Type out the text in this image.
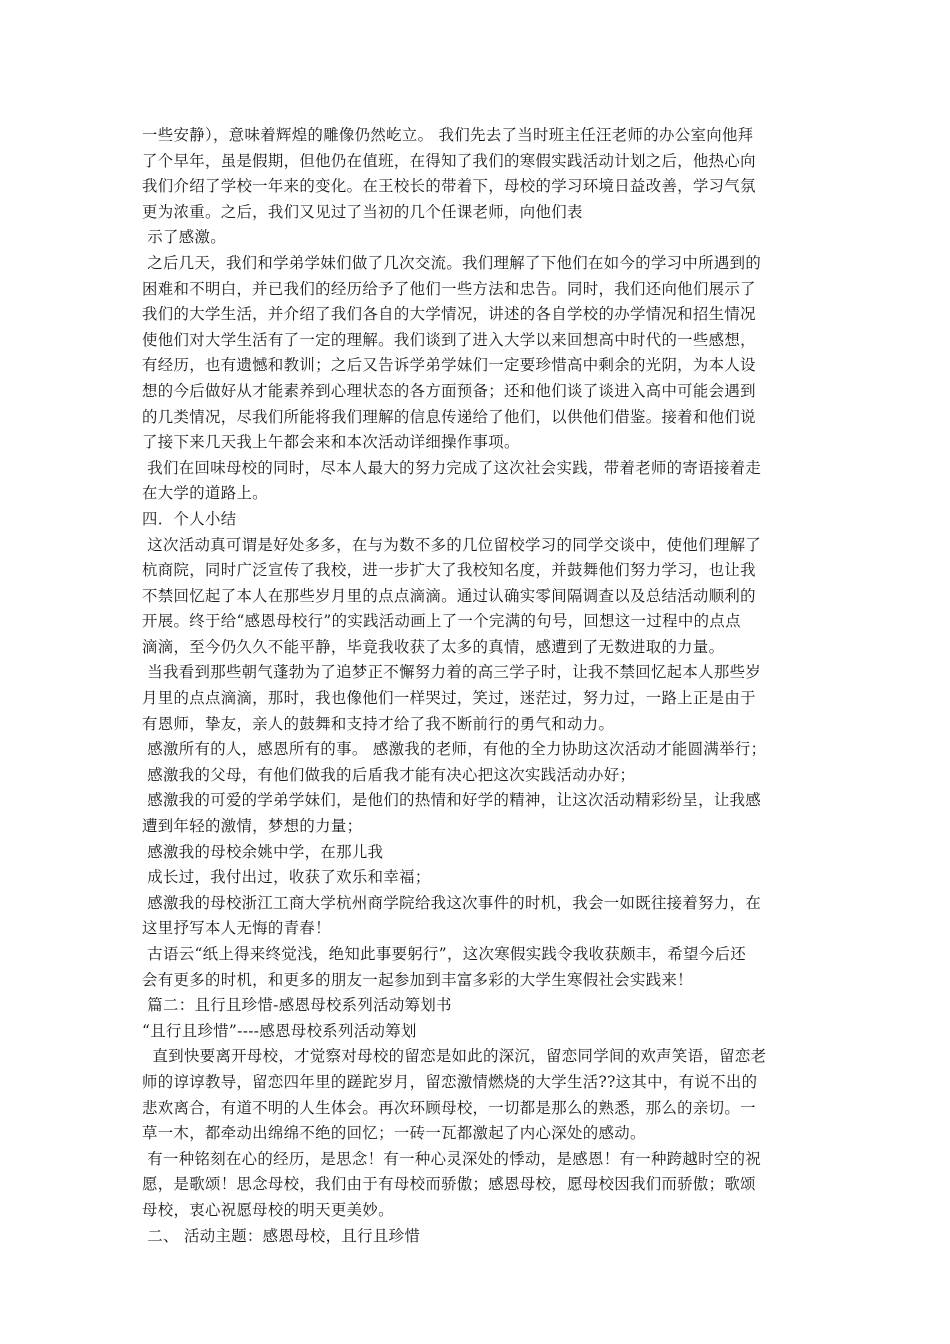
一些安静），意味着辉煌的雕像仍然屹立。 我们先去了当时班主任汪老师的办公室向他拜
了个早年，虽是假期，但他仍在值班，在得知了我们的寒假实践活动计划之后，他热心向
我们介绍了学校一年来的变化。在王校长的带着下，母校的学习环境日益改善，学习气氛
更为浓重。之后，我们又见过了当初的几个任课老师，向他们表
示了感激。
之后几天，我们和学弟学妹们做了几次交流。我们理解了下他们在如今的学习中所遇到的
困难和不明白，并已我们的经历给予了他们一些方法和忠告。同时，我们还向他们展示了
我们的大学生活，并介绍了我们各自的大学情况，讲述的各自学校的办学情况和招生情况
使他们对大学生活有了一定的理解。我们谈到了进入大学以来回想高中时代的一些感想，
有经历，也有遗憾和教训；之后又告诉学弟学妹们一定要珍惜高中剩余的光阴，为本人设
想的今后做好从才能素养到心理状态的各方面预备；还和他们谈了谈进入高中可能会遇到
的几类情况，尽我们所能将我们理解的信息传递给了他们，以供他们借鉴。接着和他们说
了接下来几天我上午都会来和本次活动详细操作事项。
我们在回味母校的同时，尽本人最大的努力完成了这次社会实践，带着老师的寄语接着走
在大学的道路上。
四．个人小结
这次活动真可谓是好处多多，在与为数不多的几位留校学习的同学交谈中，使他们理解了
杭商院，同时广泛宣传了我校，进一步扩大了我校知名度，并鼓舞他们努力学习，也让我
不禁回忆起了本人在那些岁月里的点点滴滴。通过认确实零间隔调查以及总结活动顺利的
开展。终于给“感恩母校行”的实践活动画上了一个完满的句号，回想这一过程中的点点
滴滴，至今仍久久不能平静，毕竟我收获了太多的真情，感遭到了无数进取的力量。
当我看到那些朝气蓬勃为了追梦正不懈努力着的高三学子时，让我不禁回忆起本人那些岁
月里的点点滴滴，那时，我也像他们一样哭过，笑过，迷茫过，努力过，一路上正是由于
有恩师，挚友，亲人的鼓舞和支持才给了我不断前行的勇气和动力。
感激所有的人，感恩所有的事。 感激我的老师，有他的全力协助这次活动才能圆满举行；
感激我的父母，有他们做我的后盾我才能有决心把这次实践活动办好；
感激我的可爱的学弟学妹们，是他们的热情和好学的精神，让这次活动精彩纷呈，让我感
遭到年轻的激情，梦想的力量；
感激我的母校余姚中学，在那儿我
成长过，我付出过，收获了欢乐和幸福；
感激我的母校浙江工商大学杭州商学院给我这次事件的时机，我会一如既往接着努力，在
这里抒写本人无悔的青春！
古语云“纸上得来终觉浅，绝知此事要躬行”，这次寒假实践令我收获颇丰，希望今后还
会有更多的时机，和更多的朋友一起参加到丰富多彩的大学生寒假社会实践来！
篇二：且行且珍惜-感恩母校系列活动筹划书
“且行且珍惜”----感恩母校系列活动筹划
直到快要离开母校，才觉察对母校的留恋是如此的深沉，留恋同学间的欢声笑语，留恋老
师的谆谆教导，留恋四年里的蹉跎岁月，留恋激情燃烧的大学生活??这其中，有说不出的
悲欢离合，有道不明的人生体会。再次环顾母校，一切都是那么的熟悉，那么的亲切。一
草一木，都牵动出绵绵不绝的回忆；一砖一瓦都激起了内心深处的感动。
有一种铭刻在心的经历，是思念！有一种心灵深处的悸动，是感恩！有一种跨越时空的祝
愿，是歌颂！思念母校，我们由于有母校而骄傲；感恩母校，愿母校因我们而骄傲；歌颂
母校，衷心祝愿母校的明天更美妙。
二、 活动主题：感恩母校，且行且珍惜
